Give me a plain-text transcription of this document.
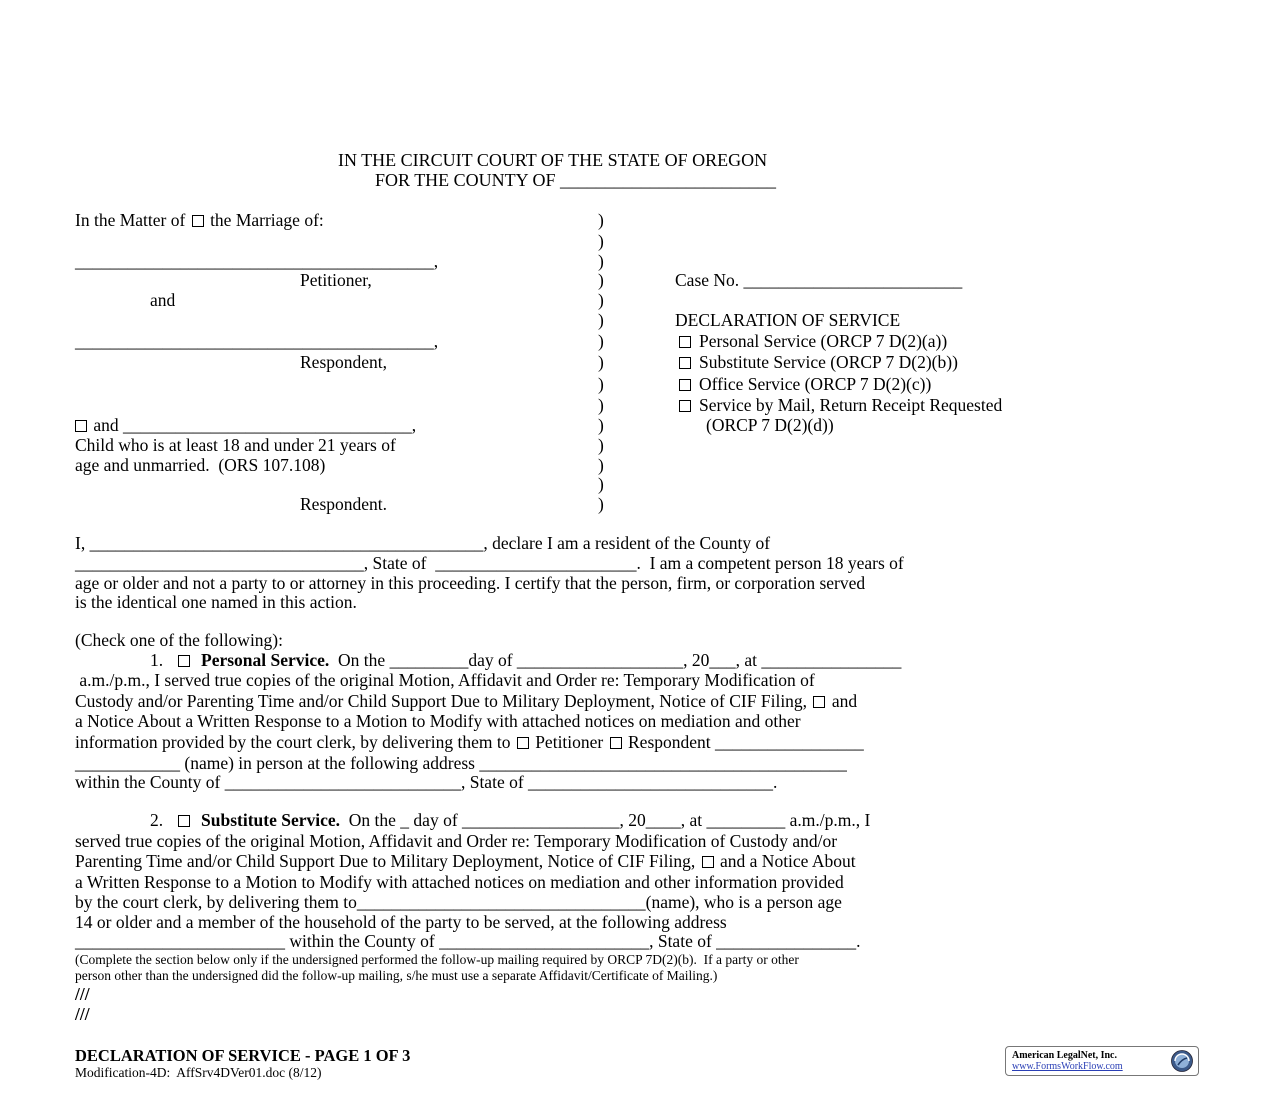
IN THE CIRCUIT COURT OF THE STATE OF OREGON
FOR THE COUNTY OF ________________________
In the Matter of the Marriage of:
_________________________________________,
Petitioner,
and
_________________________________________,
Respondent,
and _________________________________,
Child who is at least 18 and under 21 years of
age and unmarried.  (ORS 107.108)
Respondent.
)
)
)
)
)
)
)
)
)
)
)
)
)
)
)
Case No. _________________________
DECLARATION OF SERVICE
Personal Service (ORCP 7 D(2)(a))
Substitute Service (ORCP 7 D(2)(b))
Office Service (ORCP 7 D(2)(c))
Service by Mail, Return Receipt Requested
(ORCP 7 D(2)(d))
I, _____________________________________________, declare I am a resident of the County of
_________________________________, State of  _______________________.  I am a competent person 18 years of
age or older and not a party to or attorney in this proceeding. I certify that the person, firm, or corporation served
is the identical one named in this action.
(Check one of the following):
1. Personal Service. On the _________day of ___________________, 20___, at ________________
a.m./p.m., I served true copies of the original Motion, Affidavit and Order re: Temporary Modification of
Custody and/or Parenting Time and/or Child Support Due to Military Deployment, Notice of CIF Filing, and
a Notice About a Written Response to a Motion to Modify with attached notices on mediation and other
information provided by the court clerk, by delivering them to Petitioner Respondent _________________
____________ (name) in person at the following address __________________________________________
within the County of ___________________________, State of ____________________________.
2. Substitute Service. On the _ day of __________________, 20____, at _________ a.m./p.m., I
served true copies of the original Motion, Affidavit and Order re: Temporary Modification of Custody and/or
Parenting Time and/or Child Support Due to Military Deployment, Notice of CIF Filing, and a Notice About
a Written Response to a Motion to Modify with attached notices on mediation and other information provided
by the court clerk, by delivering them to_________________________________(name), who is a person age
14 or older and a member of the household of the party to be served, at the following address
________________________ within the County of ________________________, State of ________________.
(Complete the section below only if the undersigned performed the follow-up mailing required by ORCP 7D(2)(b).  If a party or other
person other than the undersigned did the follow-up mailing, s/he must use a separate Affidavit/Certificate of Mailing.)
///
///
DECLARATION OF SERVICE - PAGE 1 OF 3
Modification-4D:  AffSrv4DVer01.doc (8/12)
American LegalNet, Inc.
www.FormsWorkFlow.com
